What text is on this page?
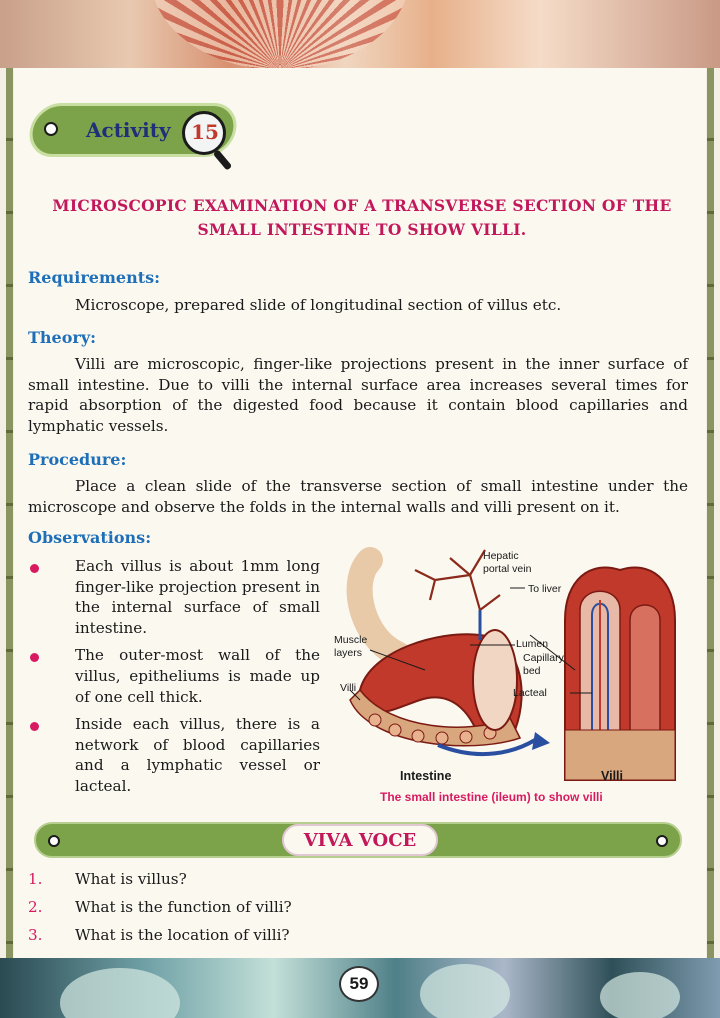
Activity 15
MICROSCOPIC EXAMINATION OF A TRANSVERSE SECTION OF THE
SMALL INTESTINE TO SHOW VILLI.
Requirements:
Microscope, prepared slide of longitudinal section of villus etc.
Theory:
Villi are microscopic, finger-like projections present in the inner surface of small intestine. Due to villi the internal surface area increases several times for rapid absorption of the digested food because it contain blood capillaries and lymphatic vessels.
Procedure:
Place a clean slide of the transverse section of small intestine under the microscope and observe the folds in the internal walls and villi present on it.
Observations:
Each villus is about 1mm long finger-like projection present in the internal surface of small intestine.
The outer-most wall of the villus, epitheliums is made up of one cell thick.
Inside each villus, there is a network of blood capillaries and a lymphatic vessel or lacteal.
Hepatic
portal vein
To liver
Muscle
layers
Lumen
Capillary
bed
Lacteal
Villi
Intestine	Villi
The small intestine (ileum) to show villi
VIVA VOCE
1. What is villus?
2. What is the function of villi?
3. What is the location of villi?
59
